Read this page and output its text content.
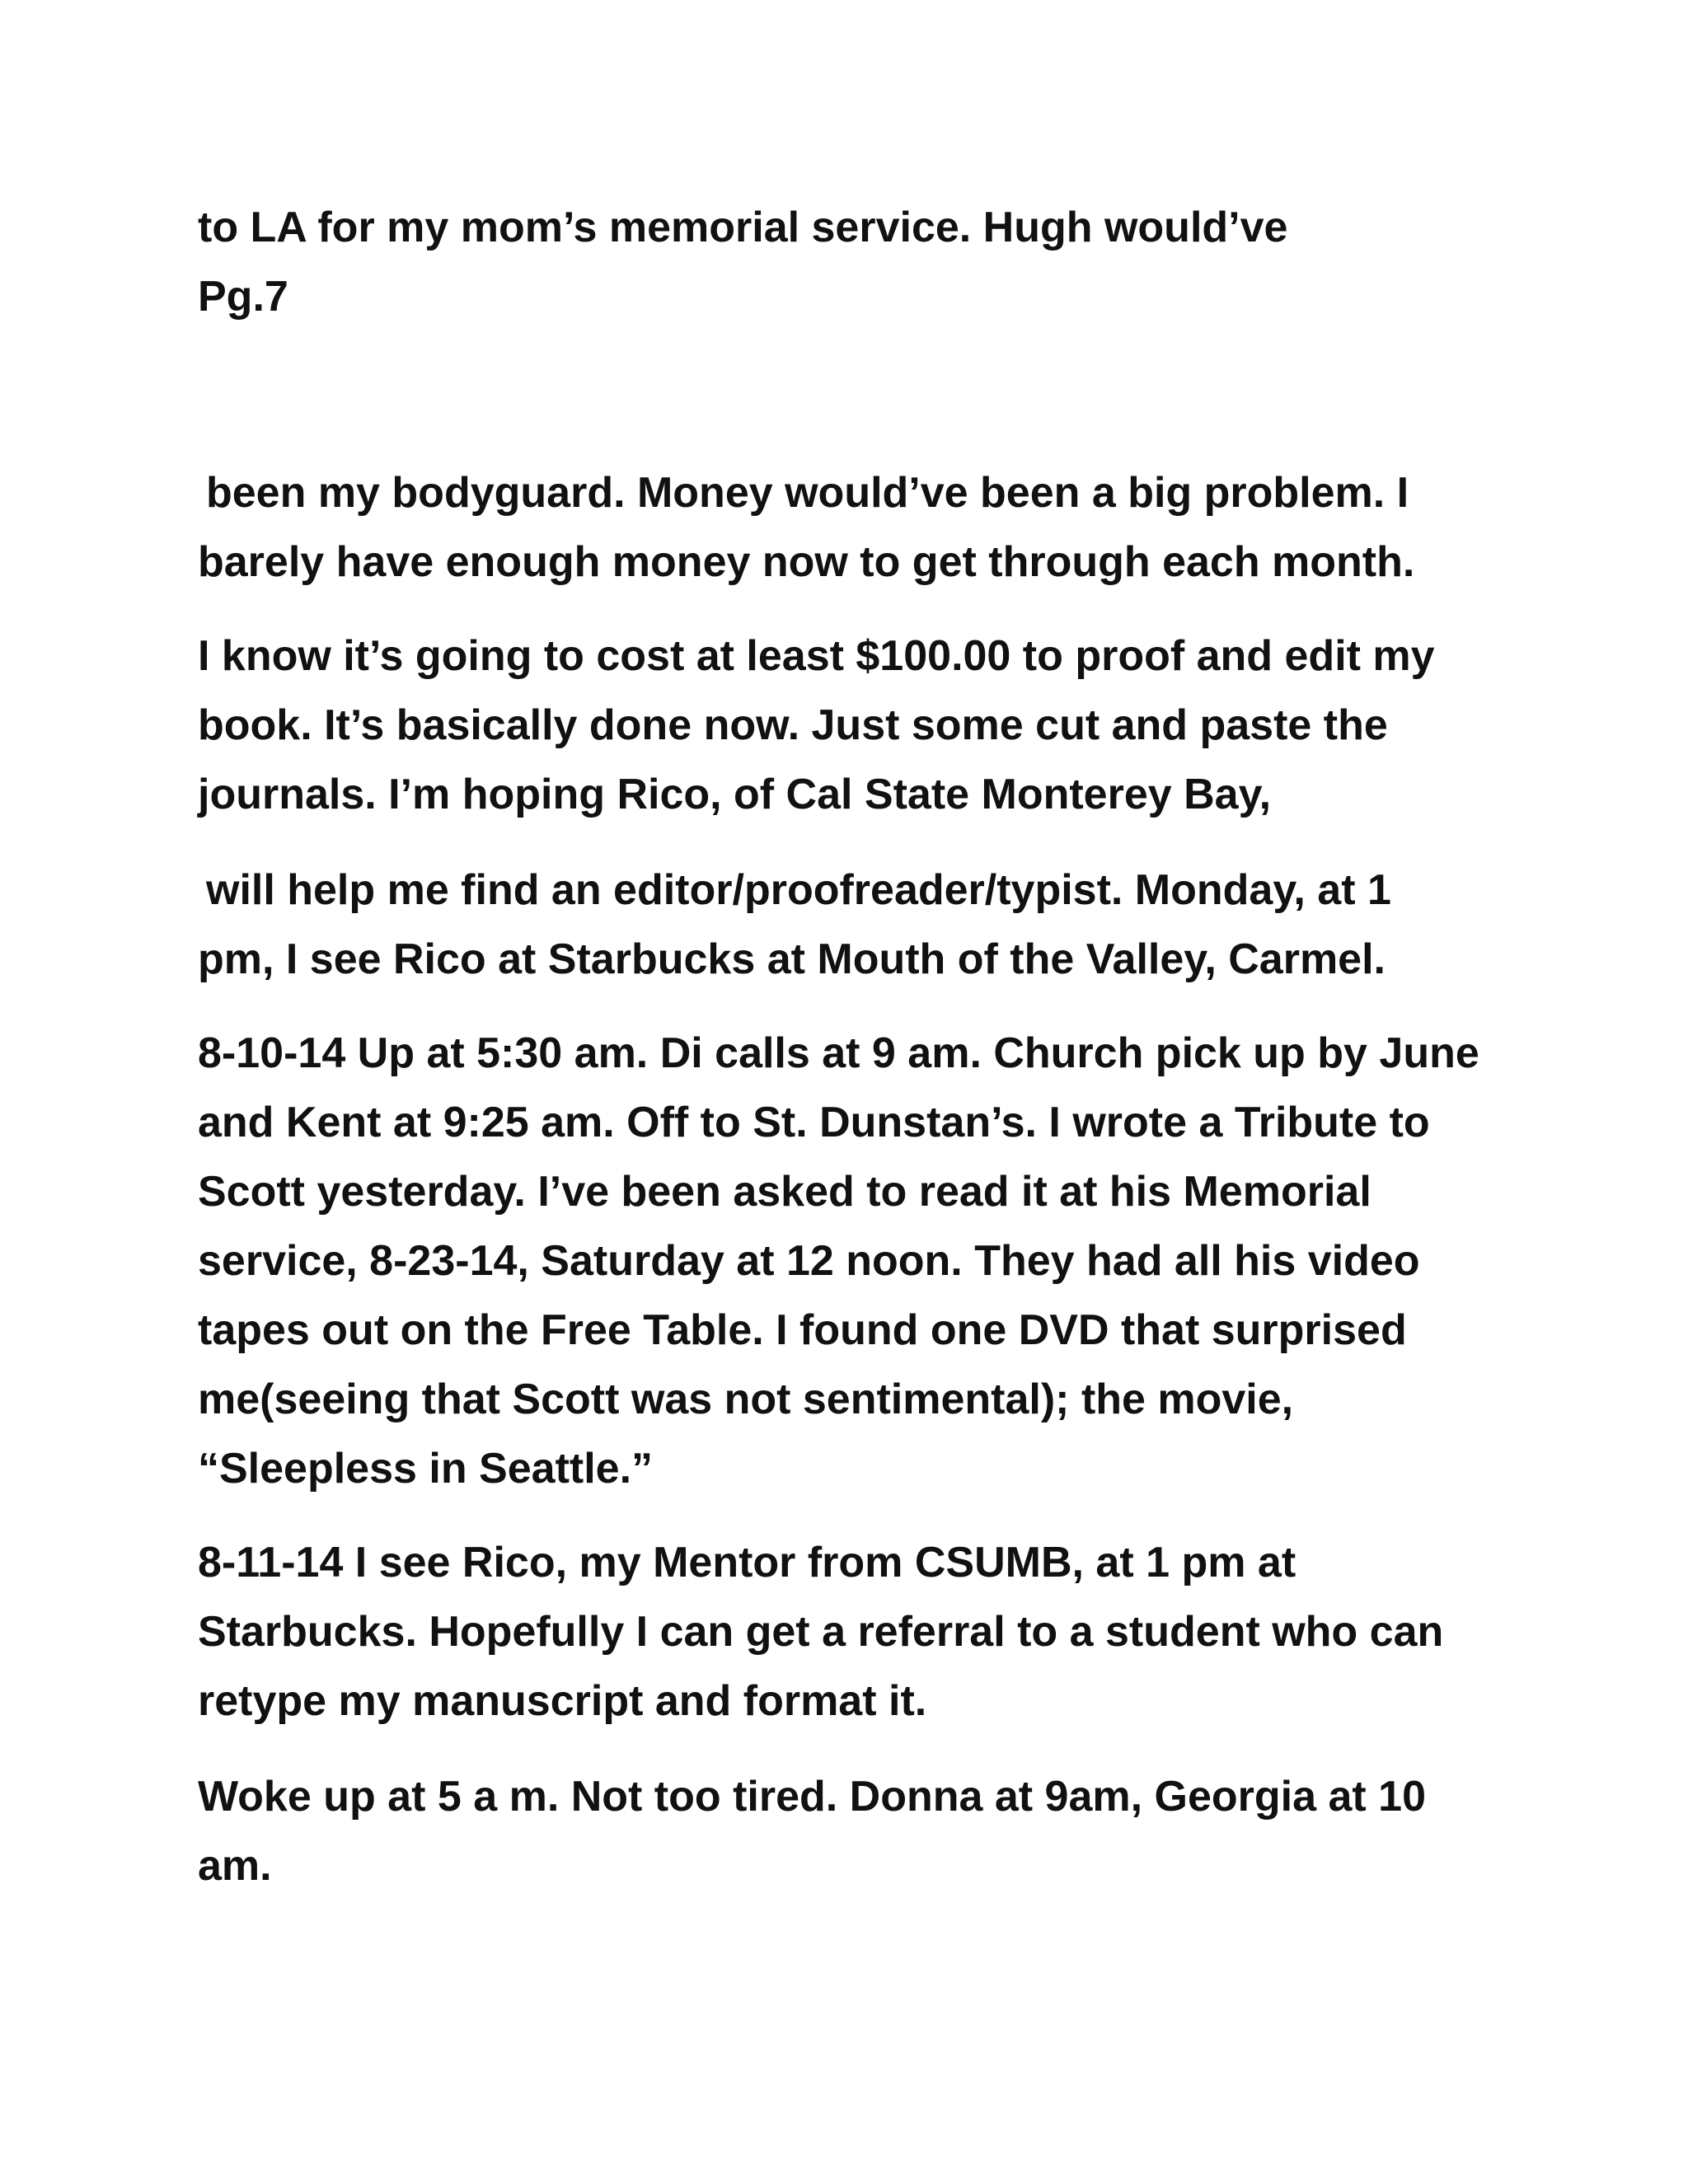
to LA for my mom’s memorial service. Hugh would’ve
Pg.7
been my bodyguard. Money would’ve been a big problem. I
barely have enough money now to get through each month.
I know it’s going to cost at least $100.00 to proof and edit my
book. It’s basically done now. Just some cut and paste the
journals. I’m hoping Rico, of Cal State Monterey Bay,
will help me find an editor/proofreader/typist. Monday, at 1
pm, I see Rico at Starbucks at Mouth of the Valley, Carmel.
8-10-14 Up at 5:30 am. Di calls at 9 am. Church pick up by June
and Kent at 9:25 am. Off to St. Dunstan’s. I wrote a Tribute to
Scott yesterday. I’ve been asked to read it at his Memorial
service, 8-23-14, Saturday at 12 noon. They had all his video
tapes out on the Free Table. I found one DVD that surprised
me(seeing that Scott was not sentimental); the movie,
“Sleepless in Seattle.”
8-11-14 I see Rico, my Mentor from CSUMB, at 1 pm at
Starbucks. Hopefully I can get a referral to a student who can
retype my manuscript and format it.
Woke up at 5 a m. Not too tired. Donna at 9am, Georgia at 10
am.
